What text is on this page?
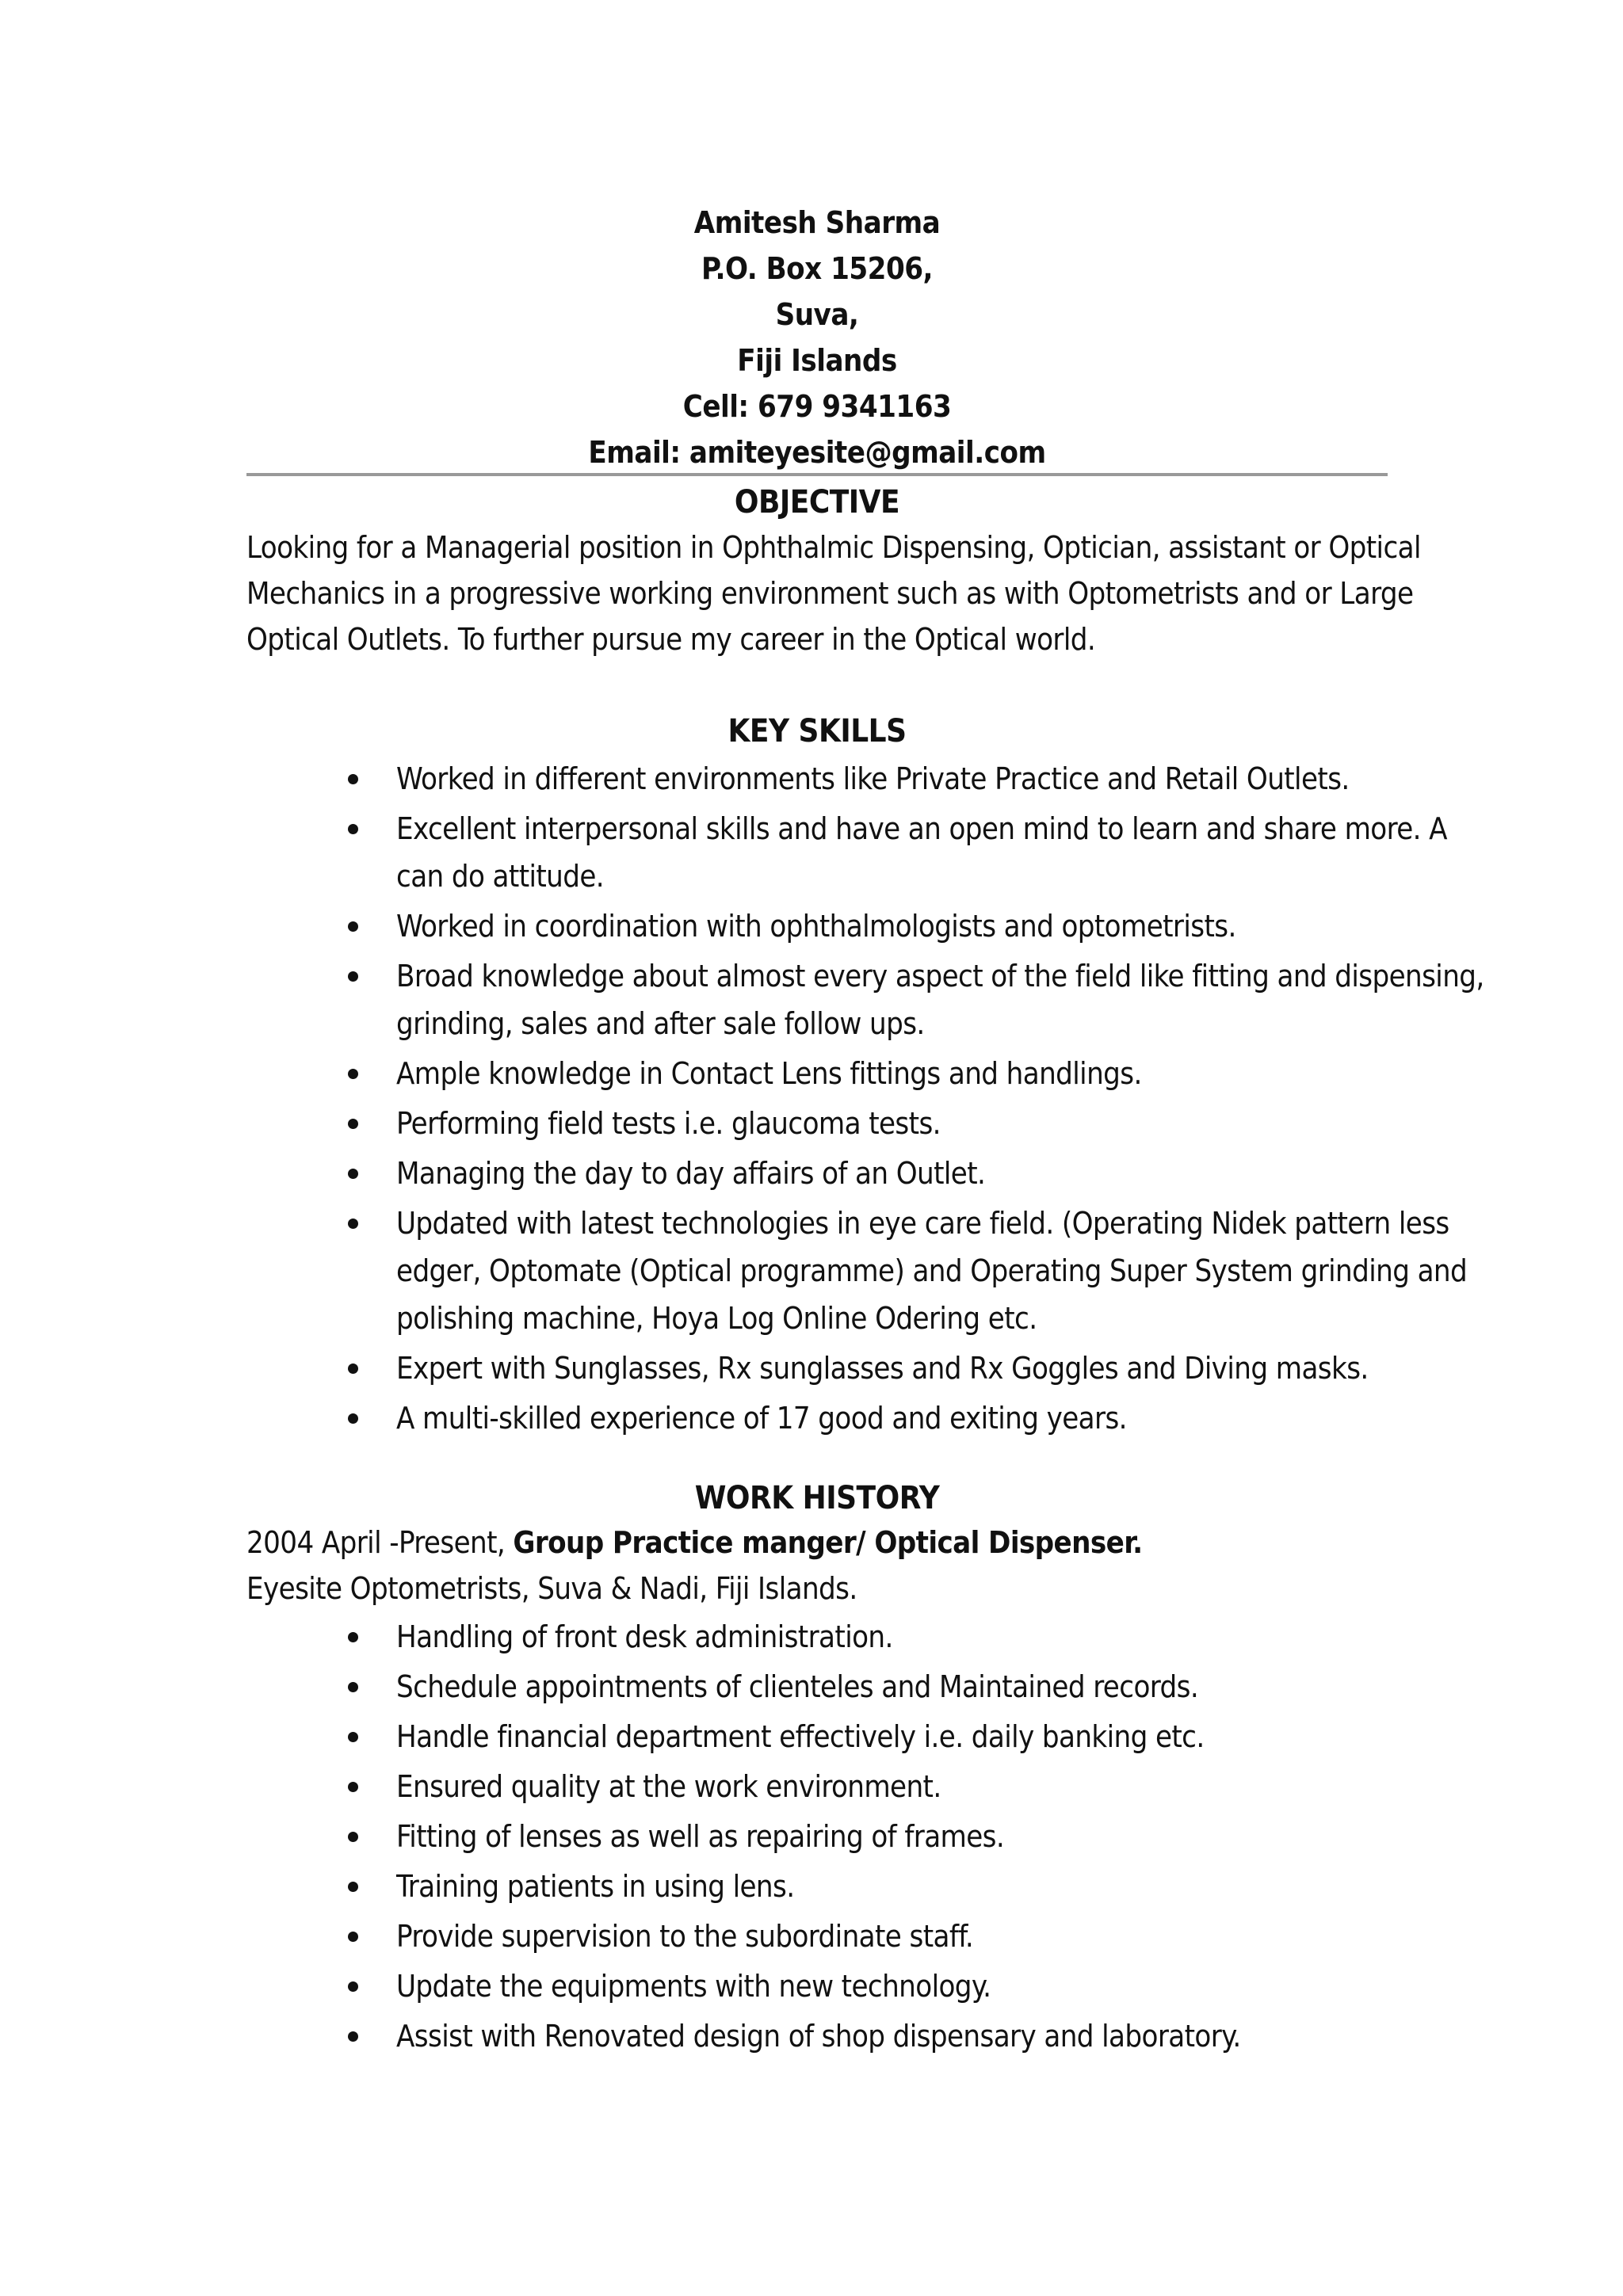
Amitesh Sharma
P.O. Box 15206,
Suva,
Fiji Islands
Cell: 679 9341163
Email: amiteyesite@gmail.com
OBJECTIVE
Looking for a Managerial position in Ophthalmic Dispensing, Optician, assistant or Optical
Mechanics in a progressive working environment such as with Optometrists and or Large
Optical Outlets. To further pursue my career in the Optical world.
KEY SKILLS
Worked in different environments like Private Practice and Retail Outlets.
Excellent interpersonal skills and have an open mind to learn and share more. A
can do attitude.
Worked in coordination with ophthalmologists and optometrists.
Broad knowledge about almost every aspect of the field like fitting and dispensing,
grinding, sales and after sale follow ups.
Ample knowledge in Contact Lens fittings and handlings.
Performing field tests i.e. glaucoma tests.
Managing the day to day affairs of an Outlet.
Updated with latest technologies in eye care field. (Operating Nidek pattern less
edger, Optomate (Optical programme) and Operating Super System grinding and
polishing machine, Hoya Log Online Odering etc.
Expert with Sunglasses, Rx sunglasses and Rx Goggles and Diving masks.
A multi-skilled experience of 17 good and exiting years.
WORK HISTORY
2004 April -Present, Group Practice manger/ Optical Dispenser.
Eyesite Optometrists, Suva & Nadi, Fiji Islands.
Handling of front desk administration.
Schedule appointments of clienteles and Maintained records.
Handle financial department effectively i.e. daily banking etc.
Ensured quality at the work environment.
Fitting of lenses as well as repairing of frames.
Training patients in using lens.
Provide supervision to the subordinate staff.
Update the equipments with new technology.
Assist with Renovated design of shop dispensary and laboratory.
